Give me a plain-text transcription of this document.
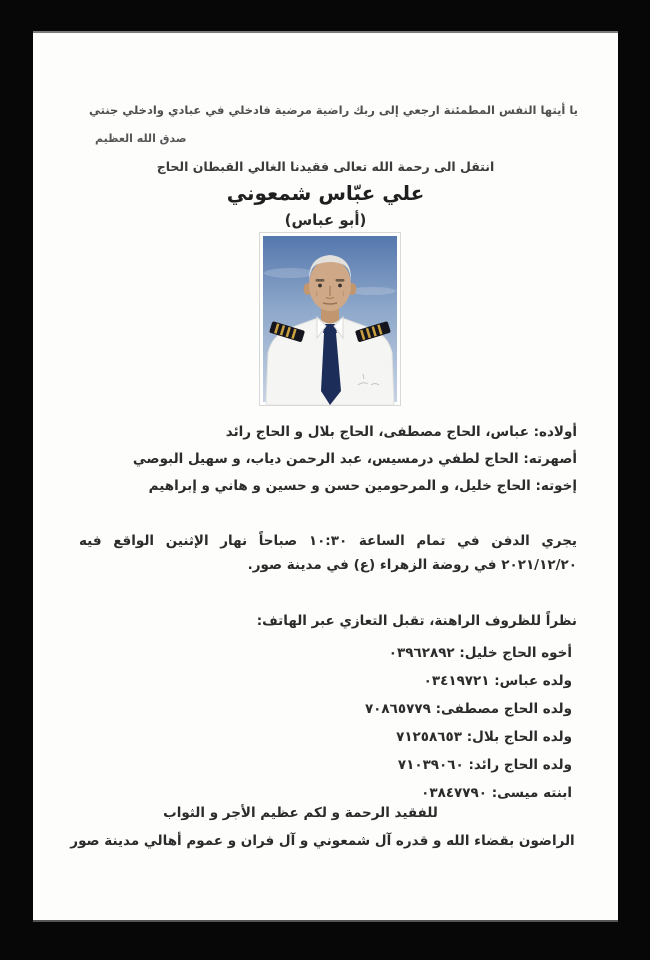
يا أيتها النفس المطمئنة ارجعي إلى ربك راضية مرضية فادخلي في عبادي وادخلي جنتي
صدق الله العظيم
انتقل الى رحمة الله تعالى فقيدنا الغالي القبطان الحاج
علي عبّاس شمعوني
(أبو عباس)
أولاده: عباس، الحاج مصطفى، الحاج بلال و الحاج رائد
أصهرته: الحاج لطفي درمسيس، عبد الرحمن دياب، و سهيل البوصي
إخوته: الحاج خليل، و المرحومين حسن و حسين و هاني و إبراهيم
يجري الدفن في تمام الساعة ١٠:٣٠ صباحاً نهار الإثنين الواقع فيه ٢٠٢١/١٢/٢٠ في روضة الزهراء (ع) في مدينة صور.
نظراً للظروف الراهنة، تقبل التعازي عبر الهاتف:
أخوه الحاج خليل: ٠٣٩٦٢٨٩٢
ولده عباس: ٠٣٤١٩٧٢١
ولده الحاج مصطفى: ٧٠٨٦٥٧٧٩
ولده الحاج بلال: ٧١٢٥٨٦٥٣
ولده الحاج رائد: ٧١٠٣٩٠٦٠
ابنته ميسى: ٠٣٨٤٧٧٩٠
للفقيد الرحمة و لكم عظيم الأجر و الثواب
الراضون بقضاء الله و قدره آل شمعوني و آل فران و عموم أهالي مدينة صور
